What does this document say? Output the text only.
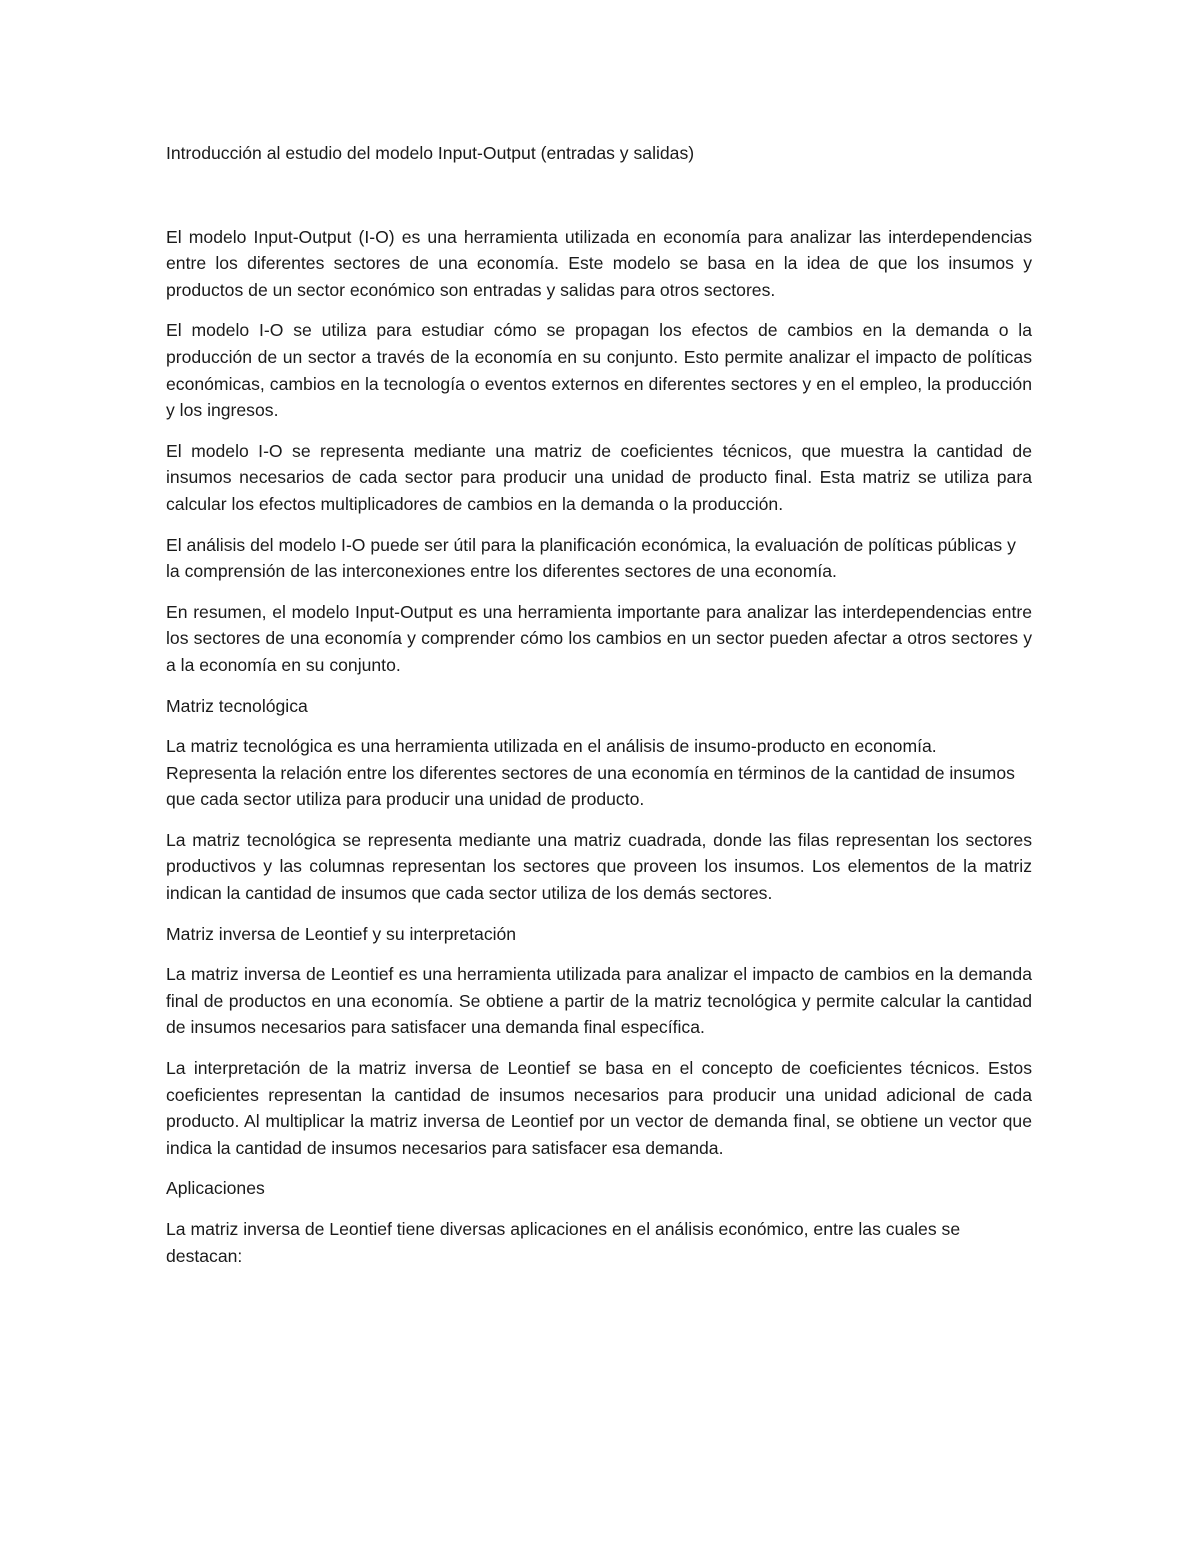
Introducción al estudio del modelo Input-Output (entradas y salidas)

El modelo Input-Output (I-O) es una herramienta utilizada en economía para analizar las interdependencias entre los diferentes sectores de una economía. Este modelo se basa en la idea de que los insumos y productos de un sector económico son entradas y salidas para otros sectores.

El modelo I-O se utiliza para estudiar cómo se propagan los efectos de cambios en la demanda o la producción de un sector a través de la economía en su conjunto. Esto permite analizar el impacto de políticas económicas, cambios en la tecnología o eventos externos en diferentes sectores y en el empleo, la producción y los ingresos.

El modelo I-O se representa mediante una matriz de coeficientes técnicos, que muestra la cantidad de insumos necesarios de cada sector para producir una unidad de producto final. Esta matriz se utiliza para calcular los efectos multiplicadores de cambios en la demanda o la producción.

El análisis del modelo I-O puede ser útil para la planificación económica, la evaluación de políticas públicas y la comprensión de las interconexiones entre los diferentes sectores de una economía.

En resumen, el modelo Input-Output es una herramienta importante para analizar las interdependencias entre los sectores de una economía y comprender cómo los cambios en un sector pueden afectar a otros sectores y a la economía en su conjunto.

Matriz tecnológica

La matriz tecnológica es una herramienta utilizada en el análisis de insumo-producto en economía. Representa la relación entre los diferentes sectores de una economía en términos de la cantidad de insumos que cada sector utiliza para producir una unidad de producto.

La matriz tecnológica se representa mediante una matriz cuadrada, donde las filas representan los sectores productivos y las columnas representan los sectores que proveen los insumos. Los elementos de la matriz indican la cantidad de insumos que cada sector utiliza de los demás sectores.

Matriz inversa de Leontief y su interpretación

La matriz inversa de Leontief es una herramienta utilizada para analizar el impacto de cambios en la demanda final de productos en una economía. Se obtiene a partir de la matriz tecnológica y permite calcular la cantidad de insumos necesarios para satisfacer una demanda final específica.

La interpretación de la matriz inversa de Leontief se basa en el concepto de coeficientes técnicos. Estos coeficientes representan la cantidad de insumos necesarios para producir una unidad adicional de cada producto. Al multiplicar la matriz inversa de Leontief por un vector de demanda final, se obtiene un vector que indica la cantidad de insumos necesarios para satisfacer esa demanda.

Aplicaciones

La matriz inversa de Leontief tiene diversas aplicaciones en el análisis económico, entre las cuales se destacan:
